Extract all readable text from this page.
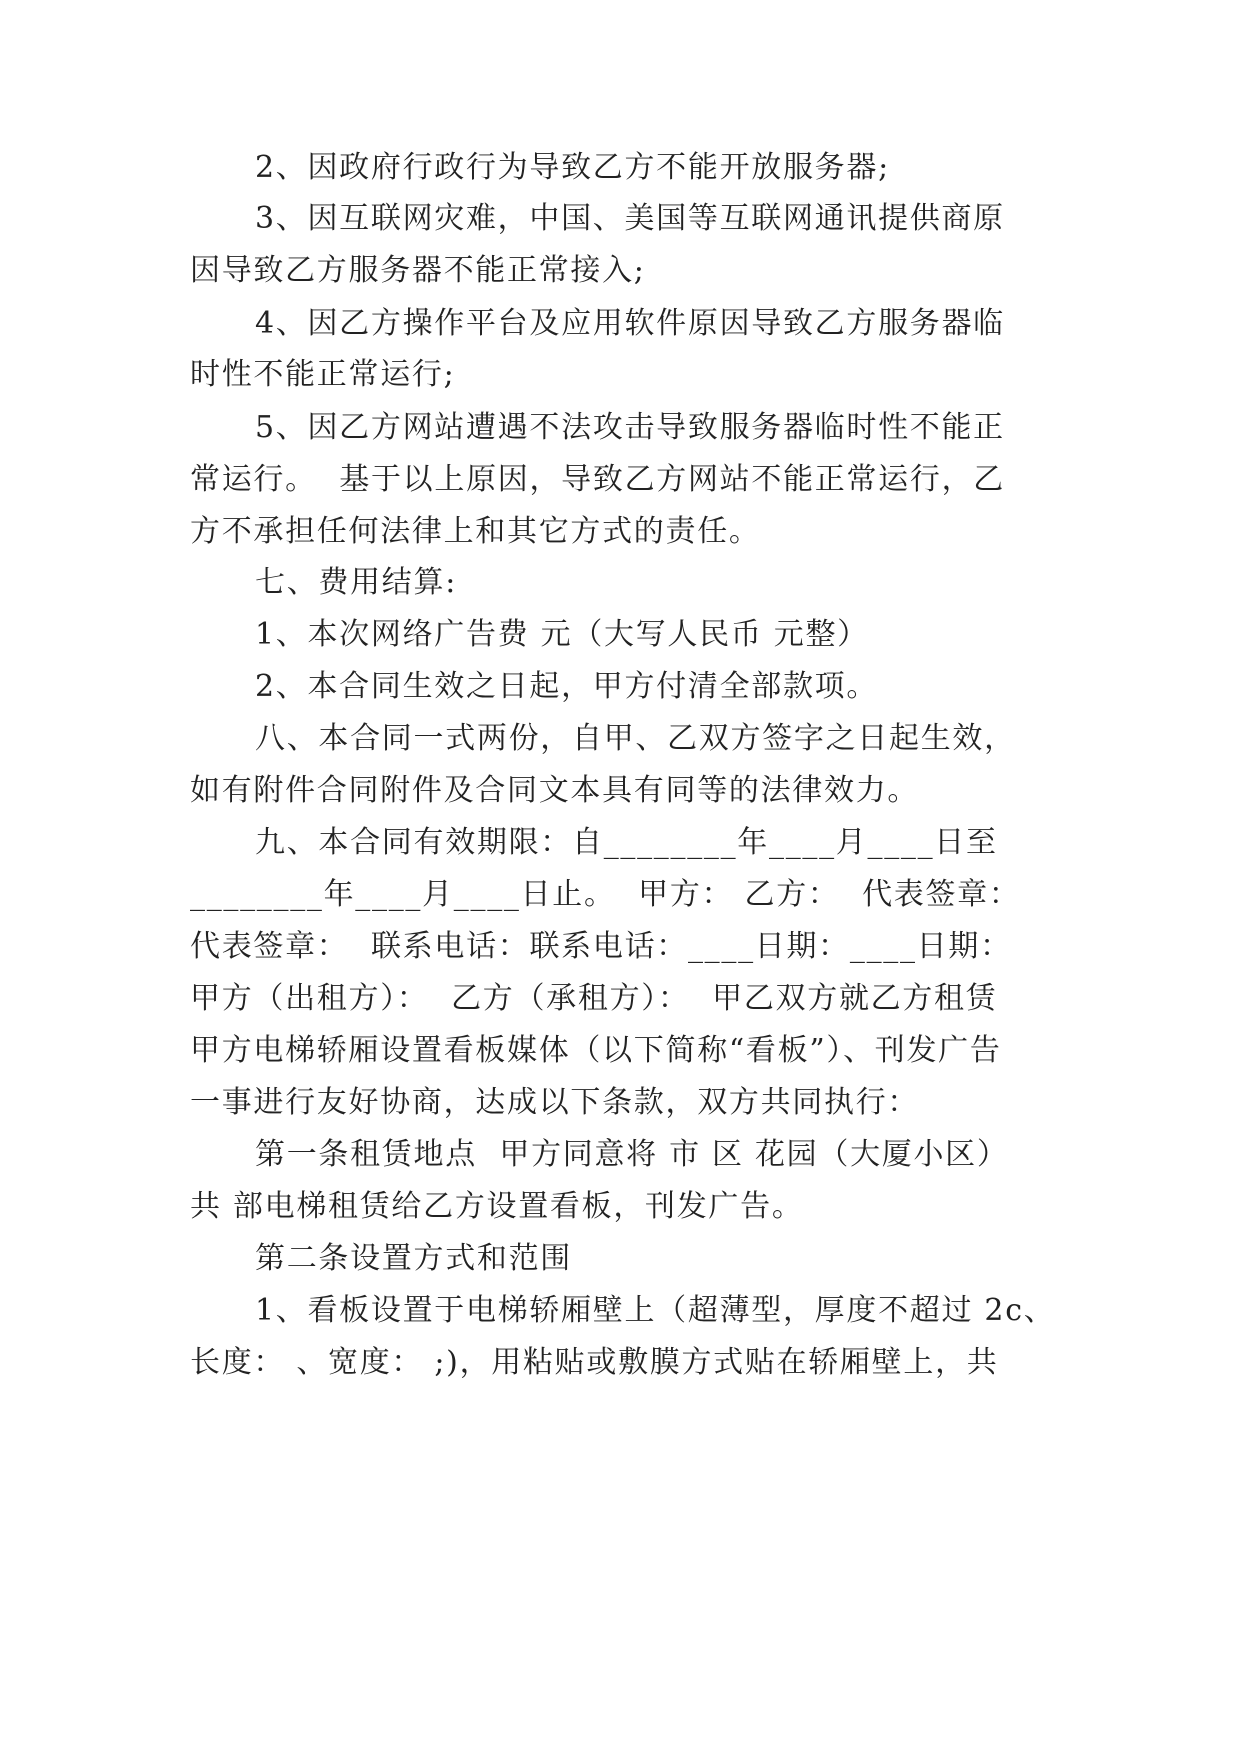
2、因政府行政行为导致乙方不能开放服务器;
3、因互联网灾难，中国、美国等互联网通讯提供商原
因导致乙方服务器不能正常接入;
4、因乙方操作平台及应用软件原因导致乙方服务器临
时性不能正常运行;
5、因乙方网站遭遇不法攻击导致服务器临时性不能正
常运行。  基于以上原因，导致乙方网站不能正常运行，乙
方不承担任何法律上和其它方式的责任。
七、费用结算:
1、本次网络广告费 元（大写人民币 元整）
2、本合同生效之日起，甲方付清全部款项。
八、本合同一式两份，自甲、乙双方签字之日起生效，
如有附件合同附件及合同文本具有同等的法律效力。
九、本合同有效期限：自________年____月____日至
________年____月____日止。  甲方： 乙方：  代表签章：
代表签章：  联系电话：联系电话：____日期：____日期：
甲方（出租方）：  乙方（承租方）：  甲乙双方就乙方租赁
甲方电梯轿厢设置看板媒体（以下简称“看板”）、刊发广告
一事进行友好协商，达成以下条款，双方共同执行：
第一条租赁地点  甲方同意将 市 区 花园（大厦小区）
共 部电梯租赁给乙方设置看板，刊发广告。
第二条设置方式和范围
1、看板设置于电梯轿厢壁上（超薄型，厚度不超过 2c、
长度： 、宽度： ;)，用粘贴或敷膜方式贴在轿厢壁上，共
